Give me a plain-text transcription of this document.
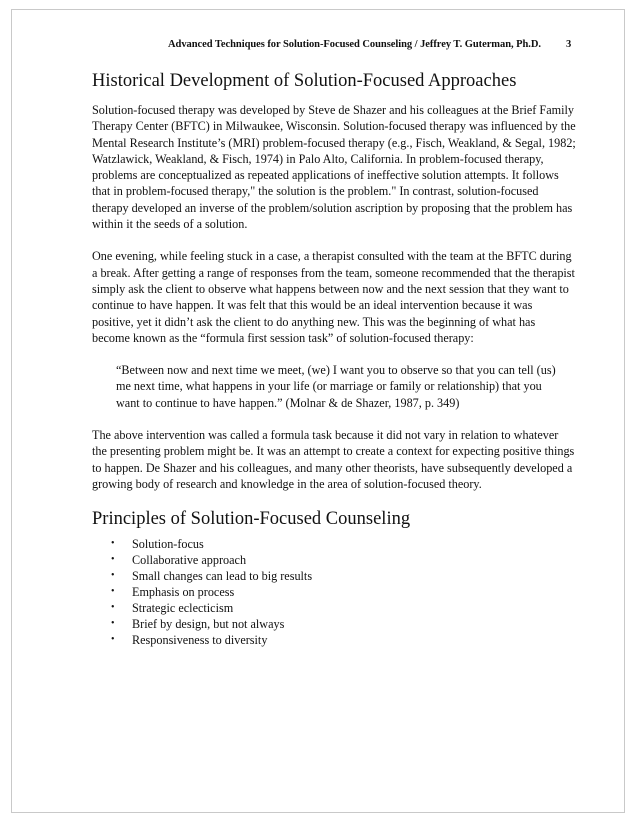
Advanced Techniques for Solution-Focused Counseling / Jeffrey T. Guterman, Ph.D. 3
Historical Development of Solution-Focused Approaches

Solution-focused therapy was developed by Steve de Shazer and his colleagues at the Brief Family Therapy Center (BFTC) in Milwaukee, Wisconsin. Solution-focused therapy was influenced by the Mental Research Institute’s (MRI) problem-focused therapy (e.g., Fisch, Weakland, & Segal, 1982; Watzlawick, Weakland, & Fisch, 1974) in Palo Alto, California. In problem-focused therapy, problems are conceptualized as repeated applications of ineffective solution attempts. It follows that in problem-focused therapy," the solution is the problem." In contrast, solution-focused therapy developed an inverse of the problem/solution ascription by proposing that the problem has within it the seeds of a solution.

One evening, while feeling stuck in a case, a therapist consulted with the team at the BFTC during a break. After getting a range of responses from the team, someone recommended that the therapist simply ask the client to observe what happens between now and the next session that they want to continue to have happen. It was felt that this would be an ideal intervention because it was positive, yet it didn’t ask the client to do anything new. This was the beginning of what has become known as the “formula first session task” of solution-focused therapy:

“Between now and next time we meet, (we) I want you to observe so that you can tell (us) me next time, what happens in your life (or marriage or family or relationship) that you want to continue to have happen.” (Molnar & de Shazer, 1987, p. 349)

The above intervention was called a formula task because it did not vary in relation to whatever the presenting problem might be. It was an attempt to create a context for expecting positive things to happen. De Shazer and his colleagues, and many other theorists, have subsequently developed a growing body of research and knowledge in the area of solution-focused theory.

Principles of Solution-Focused Counseling
• Solution-focus
• Collaborative approach
• Small changes can lead to big results
• Emphasis on process
• Strategic eclecticism
• Brief by design, but not always
• Responsiveness to diversity
